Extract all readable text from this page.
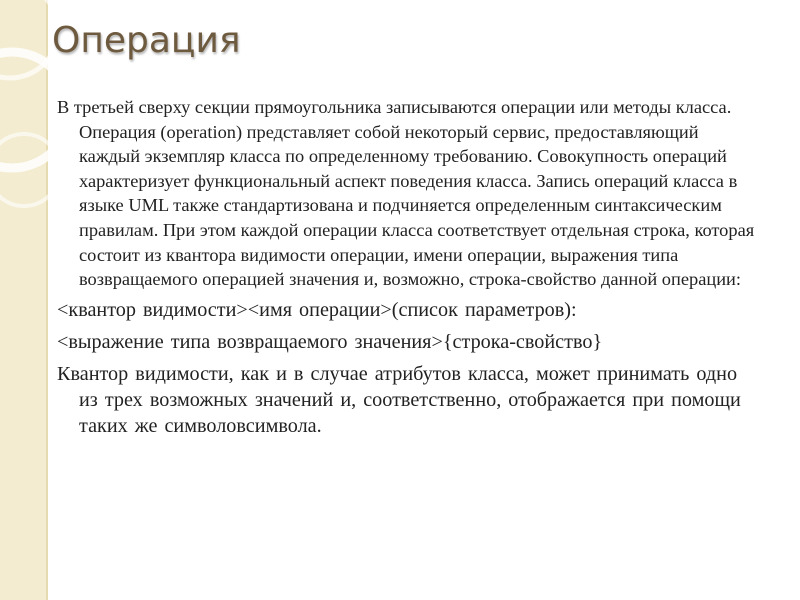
Операция

В третьей сверху секции прямоугольника записываются операции или методы класса. Операция (operation) представляет собой некоторый сервис, предоставляющий каждый экземпляр класса по определенному требованию. Совокупность операций характеризует функциональный аспект поведения класса. Запись операций класса в языке UML также стандартизована и подчиняется определенным синтаксическим правилам. При этом каждой операции класса соответствует отдельная строка, которая состоит из квантора видимости операции, имени операции, выражения типа возвращаемого операцией значения и, возможно, строка-свойство данной операции:

<квантор видимости><имя операции>(список параметров):

<выражение типа возвращаемого значения>{строка-свойство}

Квантор видимости, как и в случае атрибутов класса, может принимать одно из трех возможных значений и, соответственно, отображается при помощи таких же символовсимвола.
